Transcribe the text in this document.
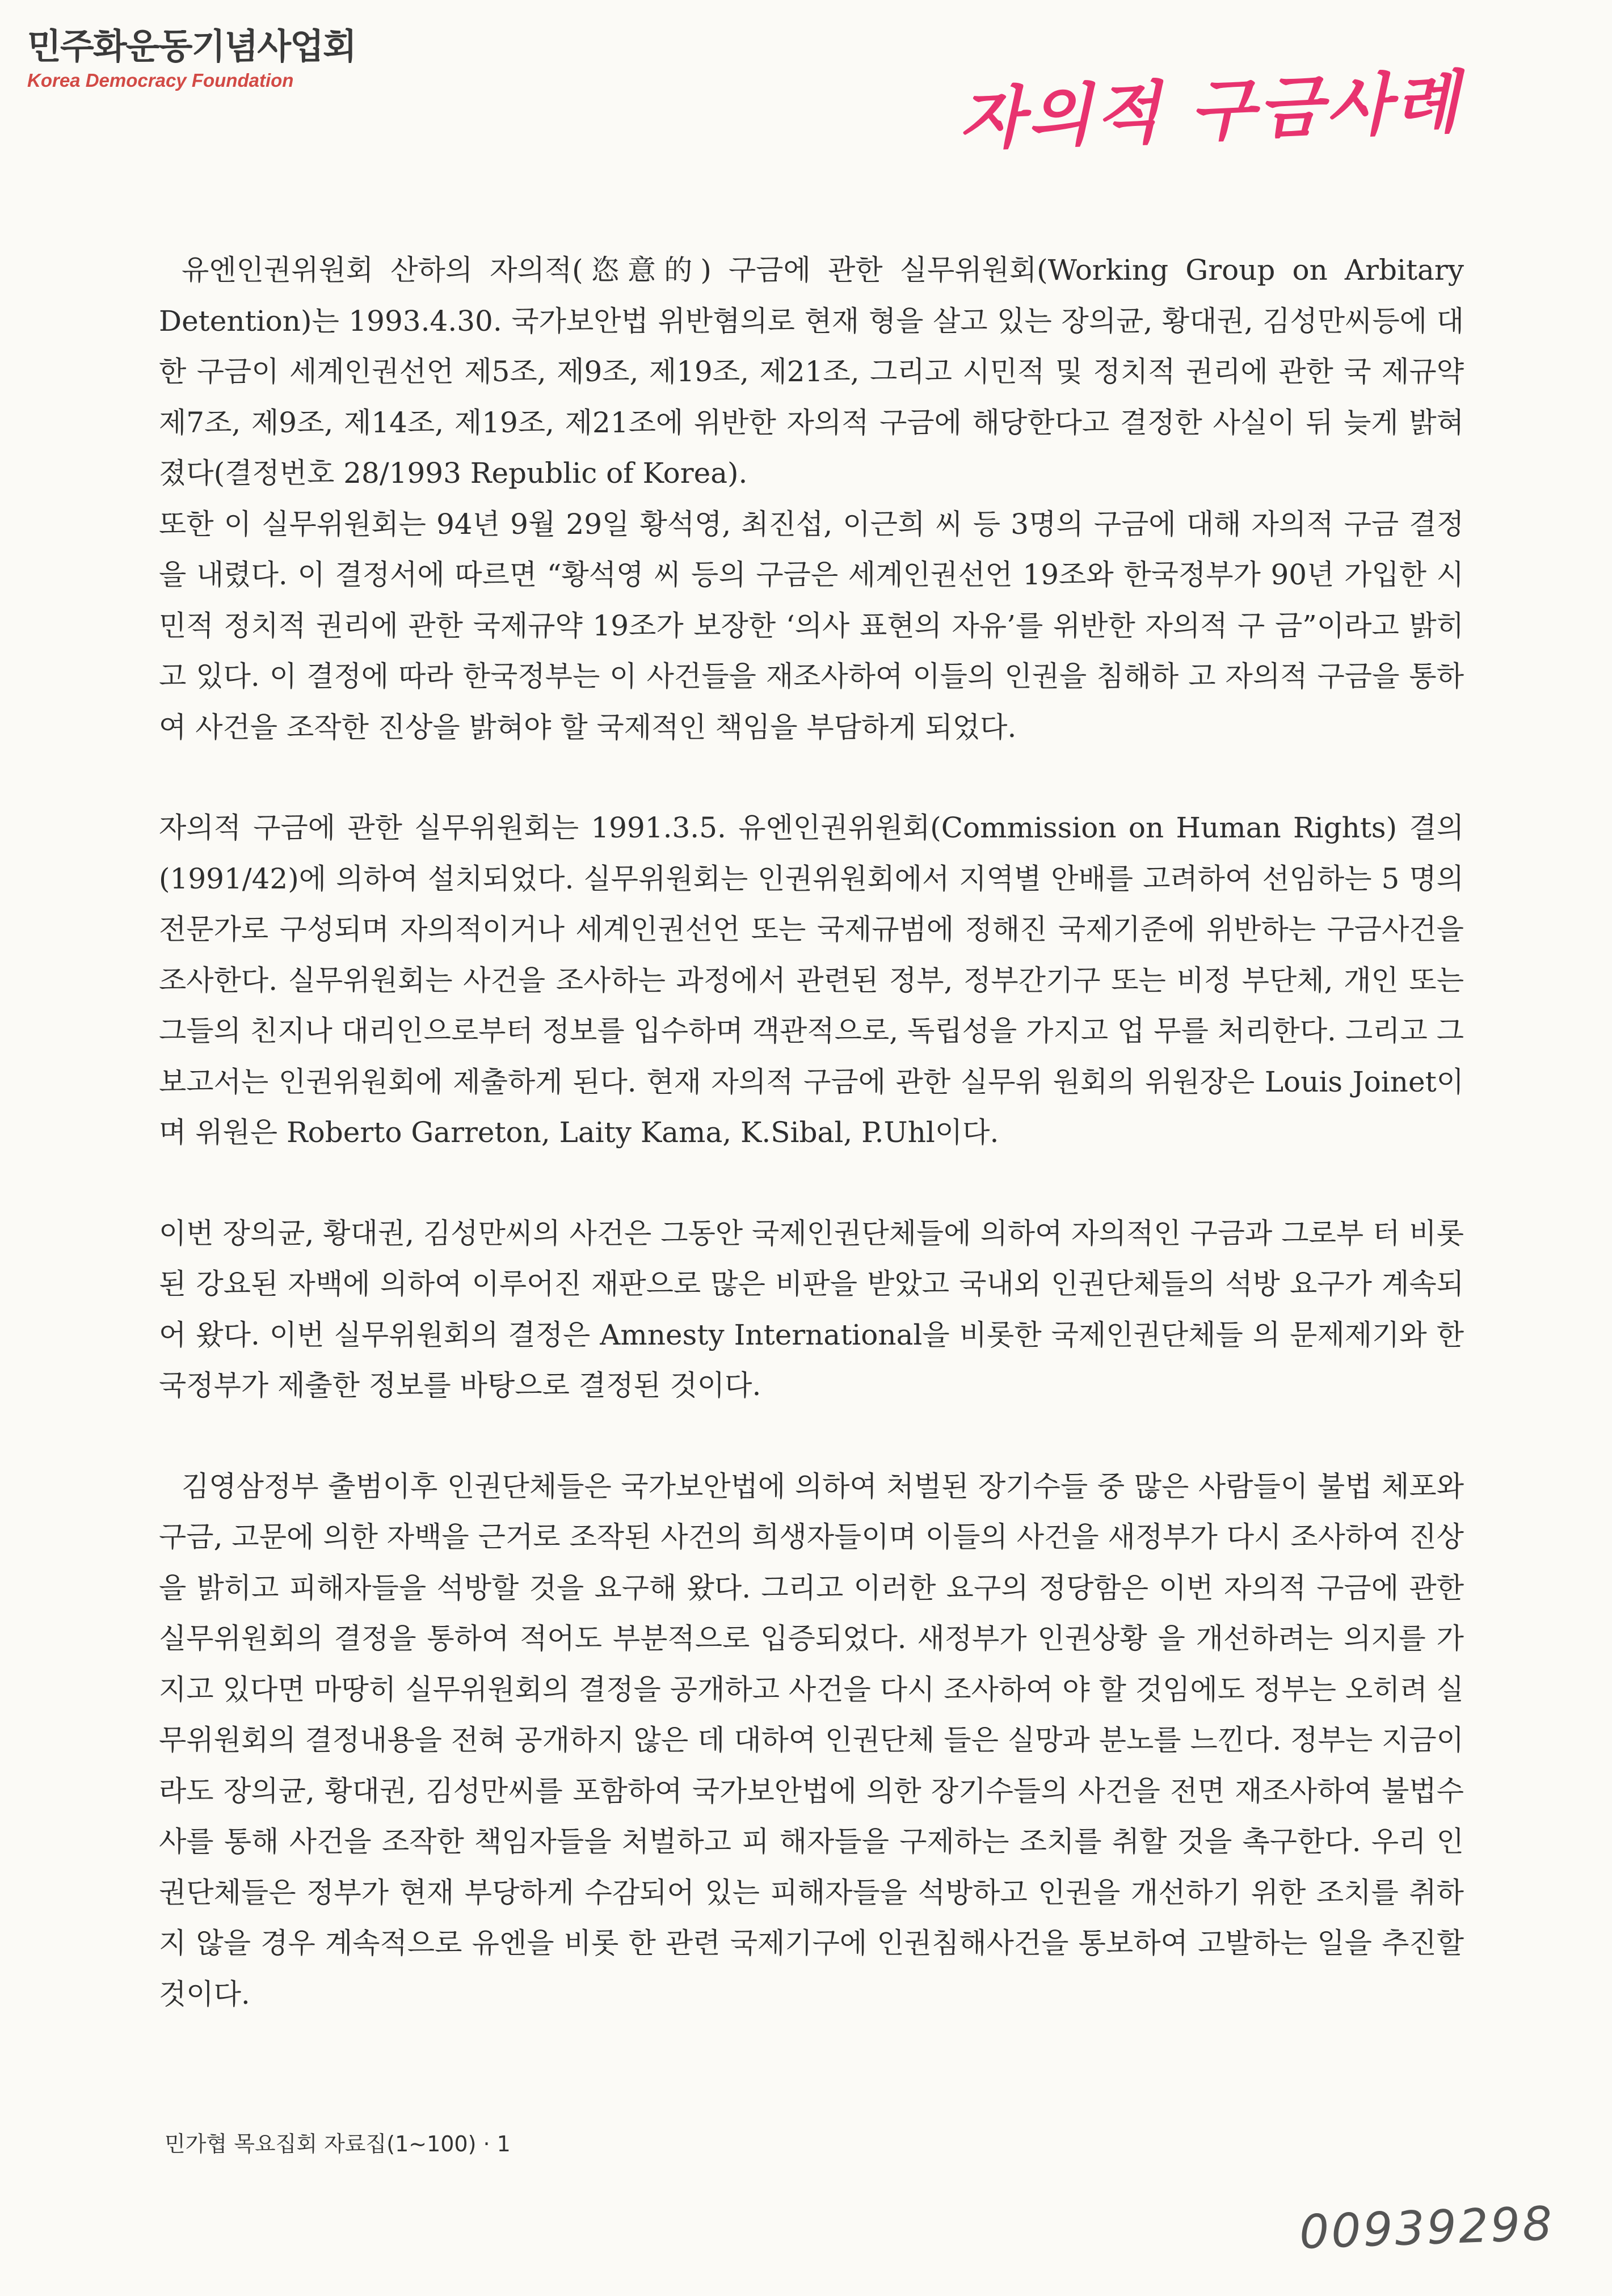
민주화운동기념사업회
Korea Democracy Foundation	자의적 구금사례

유엔인권위원회 산하의 자의적(恣意的) 구금에 관한 실무위원회(Working Group on Arbitary Detention)는 1993.4.30. 국가보안법 위반혐의로 현재 형을 살고 있는 장의균, 황대권, 김성만씨등에 대한 구금이 세계인권선언 제5조, 제9조, 제19조, 제21조, 그리고 시민적 및 정치적 권리에 관한 국 제규약 제7조, 제9조, 제14조, 제19조, 제21조에 위반한 자의적 구금에 해당한다고 결정한 사실이 뒤 늦게 밝혀졌다(결정번호 28/1993 Republic of Korea).
또한 이 실무위원회는 94년 9월 29일 황석영, 최진섭, 이근희 씨 등 3명의 구금에 대해 자의적 구금 결정을 내렸다. 이 결정서에 따르면 “황석영 씨 등의 구금은 세계인권선언 19조와 한국정부가 90년 가입한 시민적 정치적 권리에 관한 국제규약 19조가 보장한 ‘의사 표현의 자유’를 위반한 자의적 구 금”이라고 밝히고 있다. 이 결정에 따라 한국정부는 이 사건들을 재조사하여 이들의 인권을 침해하 고 자의적 구금을 통하여 사건을 조작한 진상을 밝혀야 할 국제적인 책임을 부담하게 되었다.

자의적 구금에 관한 실무위원회는 1991.3.5. 유엔인권위원회(Commission on Human Rights) 결의 (1991/42)에 의하여 설치되었다. 실무위원회는 인권위원회에서 지역별 안배를 고려하여 선임하는 5 명의 전문가로 구성되며 자의적이거나 세계인권선언 또는 국제규범에 정해진 국제기준에 위반하는 구금사건을 조사한다. 실무위원회는 사건을 조사하는 과정에서 관련된 정부, 정부간기구 또는 비정 부단체, 개인 또는 그들의 친지나 대리인으로부터 정보를 입수하며 객관적으로, 독립성을 가지고 업 무를 처리한다. 그리고 그 보고서는 인권위원회에 제출하게 된다. 현재 자의적 구금에 관한 실무위 원회의 위원장은 Louis Joinet이며 위원은 Roberto Garreton, Laity Kama, K.Sibal, P.Uhl이다.

이번 장의균, 황대권, 김성만씨의 사건은 그동안 국제인권단체들에 의하여 자의적인 구금과 그로부 터 비롯된 강요된 자백에 의하여 이루어진 재판으로 많은 비판을 받았고 국내외 인권단체들의 석방 요구가 계속되어 왔다. 이번 실무위원회의 결정은 Amnesty International을 비롯한 국제인권단체들 의 문제제기와 한국정부가 제출한 정보를 바탕으로 결정된 것이다.

김영삼정부 출범이후 인권단체들은 국가보안법에 의하여 처벌된 장기수들 중 많은 사람들이 불법 체포와 구금, 고문에 의한 자백을 근거로 조작된 사건의 희생자들이며 이들의 사건을 새정부가 다시 조사하여 진상을 밝히고 피해자들을 석방할 것을 요구해 왔다. 그리고 이러한 요구의 정당함은 이번 자의적 구금에 관한 실무위원회의 결정을 통하여 적어도 부분적으로 입증되었다. 새정부가 인권상황 을 개선하려는 의지를 가지고 있다면 마땅히 실무위원회의 결정을 공개하고 사건을 다시 조사하여 야 할 것임에도 정부는 오히려 실무위원회의 결정내용을 전혀 공개하지 않은 데 대하여 인권단체 들은 실망과 분노를 느낀다. 정부는 지금이라도 장의균, 황대권, 김성만씨를 포함하여 국가보안법에 의한 장기수들의 사건을 전면 재조사하여 불법수사를 통해 사건을 조작한 책임자들을 처벌하고 피 해자들을 구제하는 조치를 취할 것을 촉구한다. 우리 인권단체들은 정부가 현재 부당하게 수감되어 있는 피해자들을 석방하고 인권을 개선하기 위한 조치를 취하지 않을 경우 계속적으로 유엔을 비롯 한 관련 국제기구에 인권침해사건을 통보하여 고발하는 일을 추진할 것이다.

민가협 목요집회 자료집(1~100) · 1
00939298
